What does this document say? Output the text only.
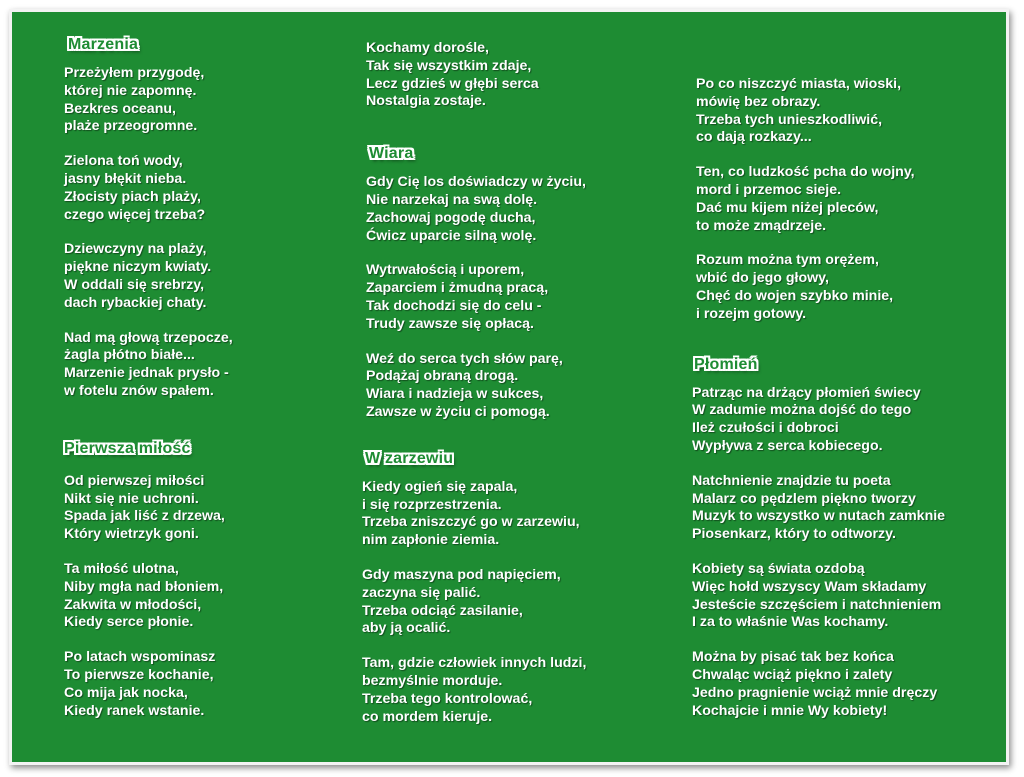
Marzenia
Przeżyłem przygodę,
której nie zapomnę.
Bezkres oceanu,
plaże przeogromne.
Zielona toń wody,
jasny błękit nieba.
Złocisty piach plaży,
czego więcej trzeba?
Dziewczyny na plaży,
piękne niczym kwiaty.
W oddali się srebrzy,
dach rybackiej chaty.
Nad mą głową trzepocze,
żagla płótno białe...
Marzenie jednak prysło -
w fotelu znów spałem.
Pierwsza miłość
Od pierwszej miłości
Nikt się nie uchroni.
Spada jak liść z drzewa,
Który wietrzyk goni.
Ta miłość ulotna,
Niby mgła nad błoniem,
Zakwita w młodości,
Kiedy serce płonie.
Po latach wspominasz
To pierwsze kochanie,
Co mija jak nocka,
Kiedy ranek wstanie.
Kochamy dorośle,
Tak się wszystkim zdaje,
Lecz gdzieś w głębi serca
Nostalgia zostaje.
Wiara
Gdy Cię los doświadczy w życiu,
Nie narzekaj na swą dolę.
Zachowaj pogodę ducha,
Ćwicz uparcie silną wolę.
Wytrwałością i uporem,
Zaparciem i żmudną pracą,
Tak dochodzi się do celu -
Trudy zawsze się opłacą.
Weź do serca tych słów parę,
Podążaj obraną drogą.
Wiara i nadzieja w sukces,
Zawsze w życiu ci pomogą.
W zarzewiu
Kiedy ogień się zapala,
i się rozprzestrzenia.
Trzeba zniszczyć go w zarzewiu,
nim zapłonie ziemia.
Gdy maszyna pod napięciem,
zaczyna się palić.
Trzeba odciąć zasilanie,
aby ją ocalić.
Tam, gdzie człowiek innych ludzi,
bezmyślnie morduje.
Trzeba tego kontrolować,
co mordem kieruje.
Po co niszczyć miasta, wioski,
mówię bez obrazy.
Trzeba tych unieszkodliwić,
co dają rozkazy...
Ten, co ludzkość pcha do wojny,
mord i przemoc sieje.
Dać mu kijem niżej pleców,
to może zmądrzeje.
Rozum można tym orężem,
wbić do jego głowy,
Chęć do wojen szybko minie,
i rozejm gotowy.
Płomień
Patrząc na drżący płomień świecy
W zadumie można dojść do tego
Ileż czułości i dobroci
Wypływa z serca kobiecego.
Natchnienie znajdzie tu poeta
Malarz co pędzlem piękno tworzy
Muzyk to wszystko w nutach zamknie
Piosenkarz, który to odtworzy.
Kobiety są świata ozdobą
Więc hołd wszyscy Wam składamy
Jesteście szczęściem i natchnieniem
I za to właśnie Was kochamy.
Można by pisać tak bez końca
Chwaląc wciąż piękno i zalety
Jedno pragnienie wciąż mnie dręczy
Kochajcie i mnie Wy kobiety!
